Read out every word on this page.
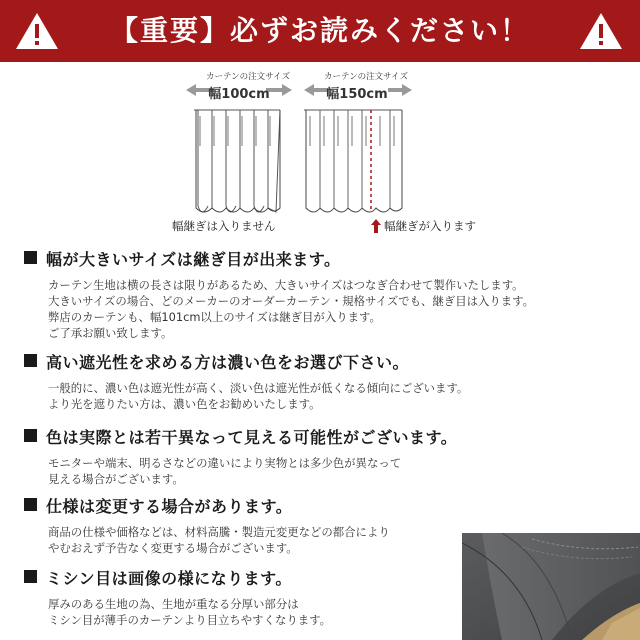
【重要】必ずお読みください！
カーテンの注文サイズ
幅100cm
幅継ぎは入りません
カーテンの注文サイズ
幅150cm
幅継ぎが入ります
幅が大きいサイズは継ぎ目が出来ます。
カーテン生地は横の長さは限りがあるため、大きいサイズはつなぎ合わせて製作いたします。
大きいサイズの場合、どのメーカーのオーダーカーテン・規格サイズでも、継ぎ目は入ります。
弊店のカーテンも、幅101cm以上のサイズは継ぎ目が入ります。
ご了承お願い致します。
高い遮光性を求める方は濃い色をお選び下さい。
一般的に、濃い色は遮光性が高く、淡い色は遮光性が低くなる傾向にございます。
より光を遮りたい方は、濃い色をお勧めいたします。
色は実際とは若干異なって見える可能性がございます。
モニターや端末、明るさなどの違いにより実物とは多少色が異なって
見える場合がございます。
仕様は変更する場合があります。
商品の仕様や価格などは、材料高騰・製造元変更などの都合により
やむおえず予告なく変更する場合がございます。
ミシン目は画像の様になります。
厚みのある生地の為、生地が重なる分厚い部分は
ミシン目が薄手のカーテンより目立ちやすくなります。
